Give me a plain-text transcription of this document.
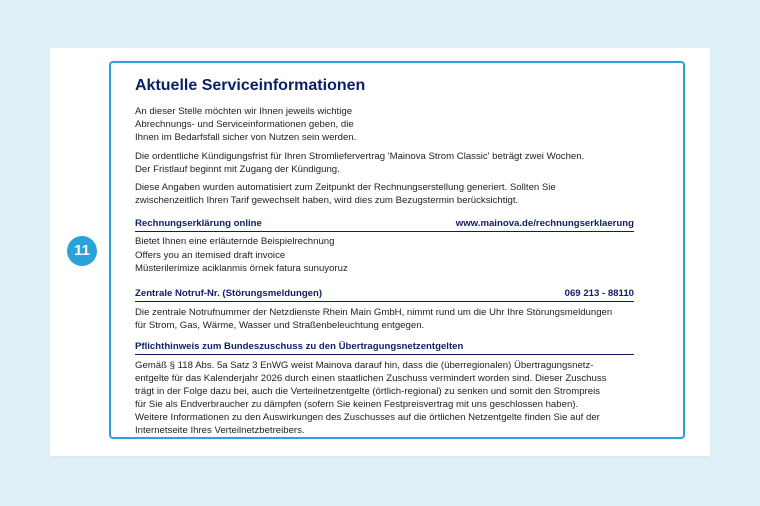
11
Aktuelle Serviceinformationen

An dieser Stelle möchten wir Ihnen jeweils wichtige

Abrechnungs- und Serviceinformationen geben, die

Ihnen im Bedarfsfall sicher von Nutzen sein werden.

Die ordentliche Kündigungsfrist für Ihren Stromliefervertrag 'Mainova Strom Classic' beträgt zwei Wochen.

Der Fristlauf beginnt mit Zugang der Kündigung.

Diese Angaben wurden automatisiert zum Zeitpunkt der Rechnungserstellung generiert. Sollten Sie

zwischenzeitlich Ihren Tarif gewechselt haben, wird dies zum Bezugstermin berücksichtigt.

Rechnungserklärung online	www.mainova.de/rechnungserklaerung

Bietet Ihnen eine erläuternde Beispielrechnung

Offers you an itemised draft invoice

Müsterilerimize aciklanmis örnek fatura sunuyoruz

Zentrale Notruf-Nr. (Störungsmeldungen)	069 213 - 88110

Die zentrale Notrufnummer der Netzdienste Rhein Main GmbH, nimmt rund um die Uhr Ihre Störungsmeldungen

für Strom, Gas, Wärme, Wasser und Straßenbeleuchtung entgegen.

Pflichthinweis zum Bundeszuschuss zu den Übertragungsnetzentgelten

Gemäß § 118 Abs. 5a Satz 3 EnWG weist Mainova darauf hin, dass die (überregionalen) Übertragungsnetz-

entgelte für das Kalenderjahr 2026 durch einen staatlichen Zuschuss vermindert worden sind. Dieser Zuschuss

trägt in der Folge dazu bei, auch die Verteilnetzentgelte (örtlich-regional) zu senken und somit den Strompreis

für Sie als Endverbraucher zu dämpfen (sofern Sie keinen Festpreisvertrag mit uns geschlossen haben).

Weitere Informationen zu den Auswirkungen des Zuschusses auf die örtlichen Netzentgelte finden Sie auf der

Internetseite Ihres Verteilnetzbetreibers.
